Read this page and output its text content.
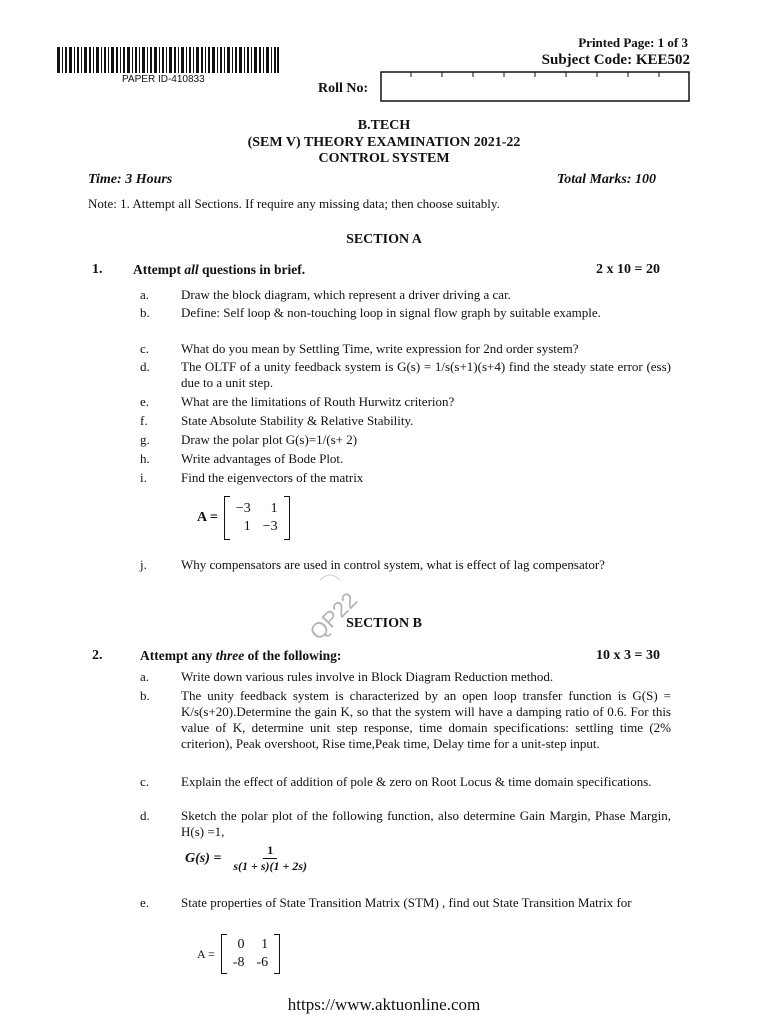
PAPER ID-410833
Printed Page: 1 of 3
Subject Code: KEE502
Roll No:
B.TECH
(SEM V) THEORY EXAMINATION 2021-22
CONTROL SYSTEM
Time: 3 Hours	Total Marks: 100
Note: 1. Attempt all Sections. If require any missing data; then choose suitably.
SECTION A
1. Attempt all questions in brief.	2 x 10 = 20
a. Draw the block diagram, which represent a driver driving a car.
b. Define: Self loop & non-touching loop in signal flow graph by suitable example.
c. What do you mean by Settling Time, write expression for 2nd order system?
d. The OLTF of a unity feedback system is G(s) = 1/s(s+1)(s+4) find the steady state error (ess) due to a unit step.
e. What are the limitations of Routh Hurwitz criterion?
f.	State Absolute Stability & Relative Stability.
g. Draw the polar plot G(s)=1/(s+ 2)
h. Write advantages of Bode Plot.
i.	Find the eigenvectors of the matrix
A =
−3	1
1	−3
j.	Why compensators are used in control system, what is effect of lag compensator?
QP22
SECTION B
2.	Attempt any three of the following:	10 x 3 = 30
a. Write down various rules involve in Block Diagram Reduction method.
b. The unity feedback system is characterized by an open loop transfer function is G(S) = K/s(s+20).Determine the gain K, so that the system will have a damping ratio of 0.6. For this value of K, determine unit step response, time domain specifications: settling time (2% criterion), Peak overshoot, Rise time,Peak time, Delay time for a unit-step input.
c. Explain the effect of addition of pole & zero on Root Locus & time domain specifications.
d. Sketch the polar plot of the following function, also determine Gain Margin, Phase Margin, H(s) =1,
$G(s) = \frac{1}{s(1 + s)(1 + 2s)}$
e. State properties of State Transition Matrix (STM) , find out State Transition Matrix for
A =
0	1
-8	-6
https://www.aktuonline.com
